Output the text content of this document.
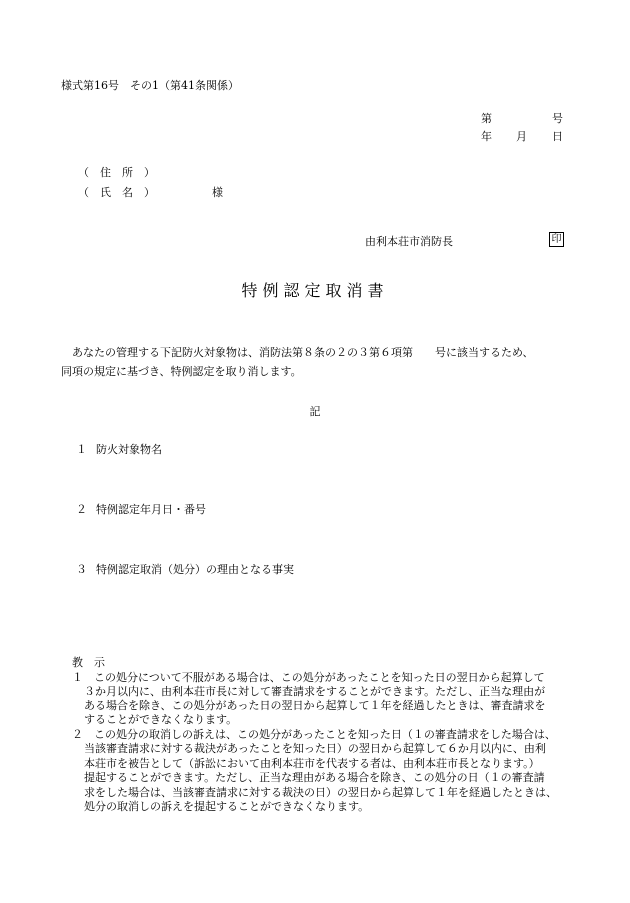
様式第16号　その1（第41条関係）
第	号
年 月 日
（　住　所　）
（　氏　名　）	様
由利本荘市消防長	印
特例認定取消書
あなたの管理する下記防火対象物は、消防法第８条の２の３第６項第　　号に該当するため、
同項の規定に基づき、特例認定を取り消します。
記
１ 防火対象物名
２ 特例認定年月日・番号
３ 特例認定取消（処分）の理由となる事実
教　示
１　この処分について不服がある場合は、この処分があったことを知った日の翌日から起算して
３か月以内に、由利本荘市長に対して審査請求をすることができます。ただし、正当な理由が
ある場合を除き、この処分があった日の翌日から起算して１年を経過したときは、審査請求を
することができなくなります。
２　この処分の取消しの訴えは、この処分があったことを知った日（１の審査請求をした場合は、
当該審査請求に対する裁決があったことを知った日）の翌日から起算して６か月以内に、由利
本荘市を被告として（訴訟において由利本荘市を代表する者は、由利本荘市長となります。）
提起することができます。ただし、正当な理由がある場合を除き、この処分の日（１の審査請
求をした場合は、当該審査請求に対する裁決の日）の翌日から起算して１年を経過したときは、
処分の取消しの訴えを提起することができなくなります。
